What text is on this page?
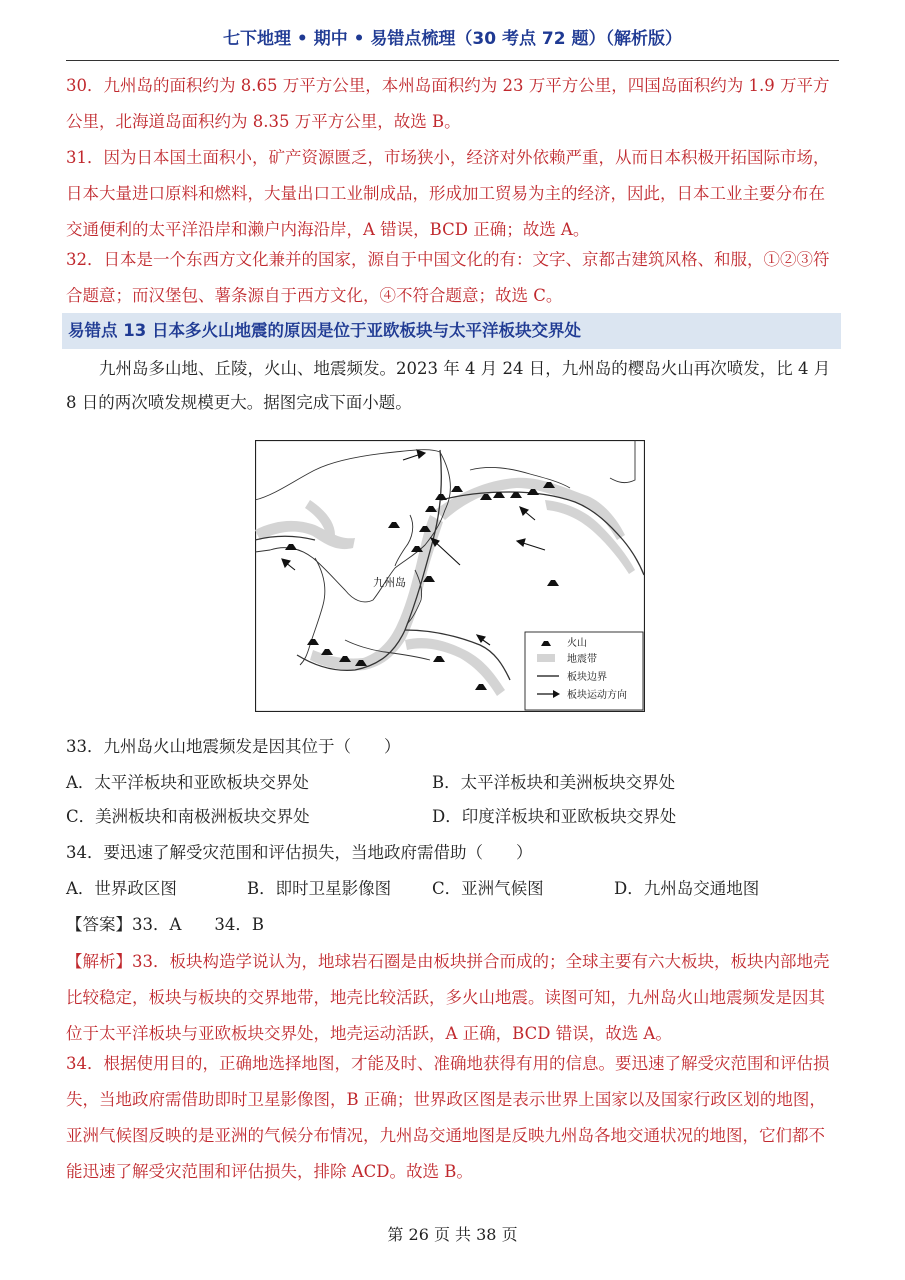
七下地理 • 期中 • 易错点梳理（30 考点 72 题）（解析版）

30．九州岛的面积约为 8.65 万平方公里，本州岛面积约为 23 万平方公里，四国岛面积约为 1.9 万平方公里，北海道岛面积约为 8.35 万平方公里，故选 B。

31．因为日本国土面积小，矿产资源匮乏，市场狭小，经济对外依赖严重，从而日本积极开拓国际市场，日本大量进口原料和燃料，大量出口工业制成品，形成加工贸易为主的经济，因此，日本工业主要分布在交通便利的太平洋沿岸和濑户内海沿岸，A 错误，BCD 正确；故选 A。

32．日本是一个东西方文化兼并的国家，源自于中国文化的有：文字、京都古建筑风格、和服，①②③符合题意；而汉堡包、薯条源自于西方文化，④不符合题意；故选 C。

易错点 13 日本多火山地震的原因是位于亚欧板块与太平洋板块交界处

九州岛多山地、丘陵，火山、地震频发。2023 年 4 月 24 日，九州岛的樱岛火山再次喷发，比 4 月 8 日的两次喷发规模更大。据图完成下面小题。

九州岛
火山
地震带
板块边界
板块运动方向
33．九州岛火山地震频发是因其位于（　　）
A．太平洋板块和亚欧板块交界处	B．太平洋板块和美洲板块交界处
C．美洲板块和南极洲板块交界处	D．印度洋板块和亚欧板块交界处
34．要迅速了解受灾范围和评估损失，当地政府需借助（　　）
A．世界政区图	B．即时卫星影像图 C．亚洲气候图	D．九州岛交通地图
【答案】33．A　　34．B

【解析】33．板块构造学说认为，地球岩石圈是由板块拼合而成的；全球主要有六大板块，板块内部地壳比较稳定，板块与板块的交界地带，地壳比较活跃，多火山地震。读图可知，九州岛火山地震频发是因其位于太平洋板块与亚欧板块交界处，地壳运动活跃，A 正确，BCD 错误，故选 A。

34．根据使用目的，正确地选择地图，才能及时、准确地获得有用的信息。要迅速了解受灾范围和评估损失，当地政府需借助即时卫星影像图，B 正确；世界政区图是表示世界上国家以及国家行政区划的地图，亚洲气候图反映的是亚洲的气候分布情况，九州岛交通地图是反映九州岛各地交通状况的地图，它们都不能迅速了解受灾范围和评估损失，排除 ACD。故选 B。

第 26 页 共 38 页
